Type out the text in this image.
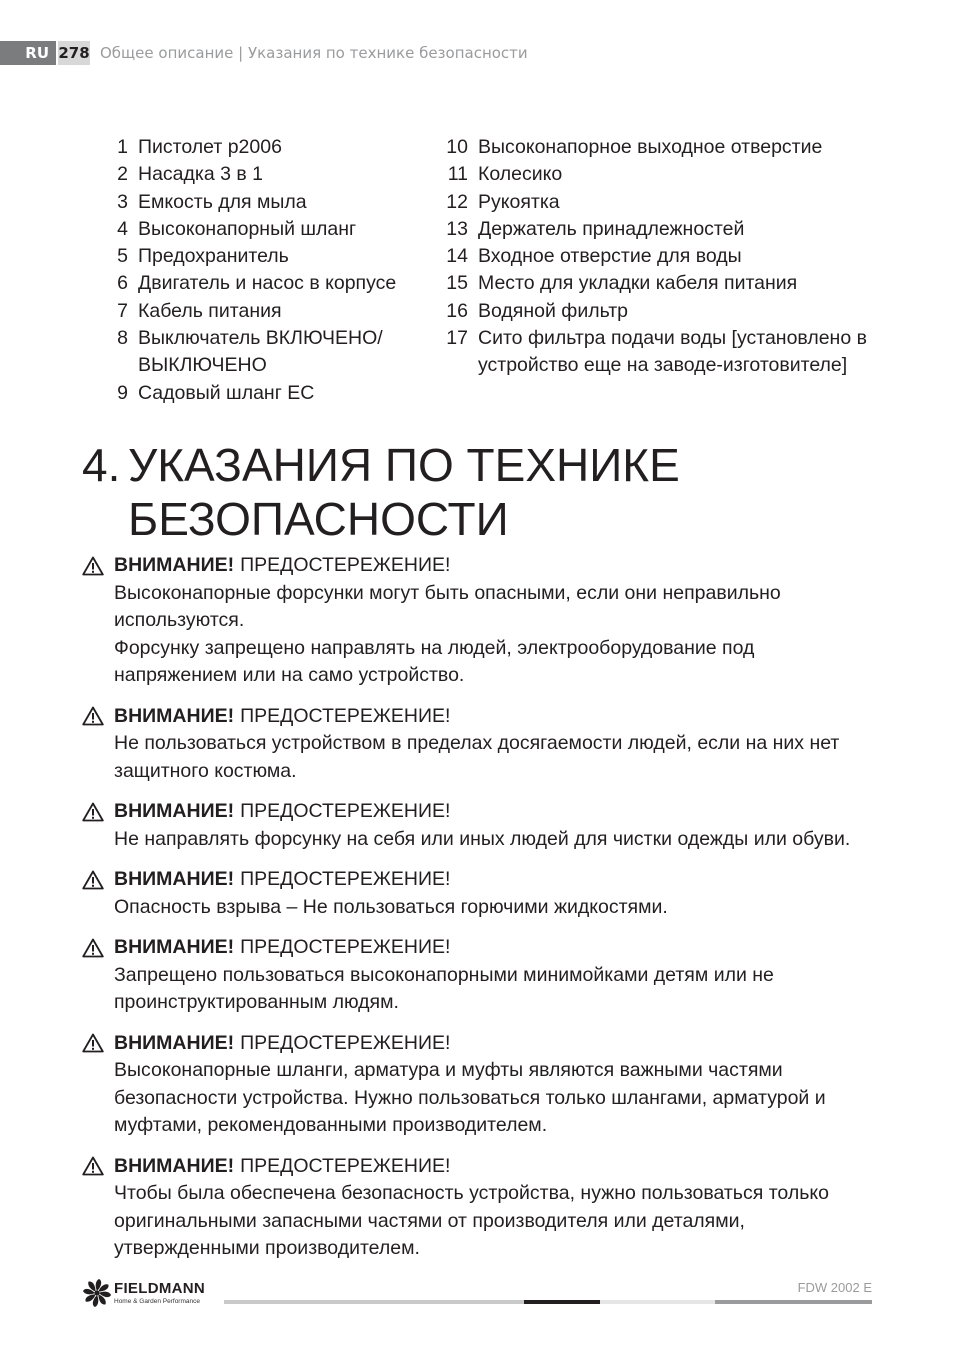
RU 278 Общее описание | Указания по технике безопасности
1 Пистолет p2006
2 Насадка 3 в 1
3 Емкость для мыла
4 Высоконапорный шланг
5 Предохранитель
6 Двигатель и насос в корпусе
7 Кабель питания
8 Выключатель ВКЛЮЧЕНО/ ВЫКЛЮЧЕНО
9 Садовый шланг ЕС
10 Высоконапорное выходное отверстие
11 Колесико
12 Рукоятка
13 Держатель принадлежностей
14 Входное отверстие для воды
15 Место для укладки кабеля питания
16 Водяной фильтр
17 Сито фильтра подачи воды [установлено в устройство еще на заводе-изготовителе]
4. УКАЗАНИЯ ПО ТЕХНИКЕ
БЕЗОПАСНОСТИ
ВНИМАНИЕ! ПРЕДОСТЕРЕЖЕНИЕ!

Высоконапорные форсунки могут быть опасными, если они неправильно используются.

Форсунку запрещено направлять на людей, электрооборудование под напряжением или на само устройство.

ВНИМАНИЕ! ПРЕДОСТЕРЕЖЕНИЕ!

Не пользоваться устройством в пределах досягаемости людей, если на них нет защитного костюма.

ВНИМАНИЕ! ПРЕДОСТЕРЕЖЕНИЕ!

Не направлять форсунку на себя или иных людей для чистки одежды или обуви.

ВНИМАНИЕ! ПРЕДОСТЕРЕЖЕНИЕ!

Опасность взрыва – Не пользоваться горючими жидкостями.

ВНИМАНИЕ! ПРЕДОСТЕРЕЖЕНИЕ!

Запрещено пользоваться высоконапорными минимойками детям или не проинструктированным людям.

ВНИМАНИЕ! ПРЕДОСТЕРЕЖЕНИЕ!

Высоконапорные шланги, арматура и муфты являются важными частями безопасности устройства. Нужно пользоваться только шлангами, арматурой и муфтами, рекомендованными производителем.

ВНИМАНИЕ! ПРЕДОСТЕРЕЖЕНИЕ!

Чтобы была обеспечена безопасность устройства, нужно пользоваться только оригинальными запасными частями от производителя или деталями, утвержденными производителем.

FIELDMANN
Home & Garden Performance
FDW 2002 E
